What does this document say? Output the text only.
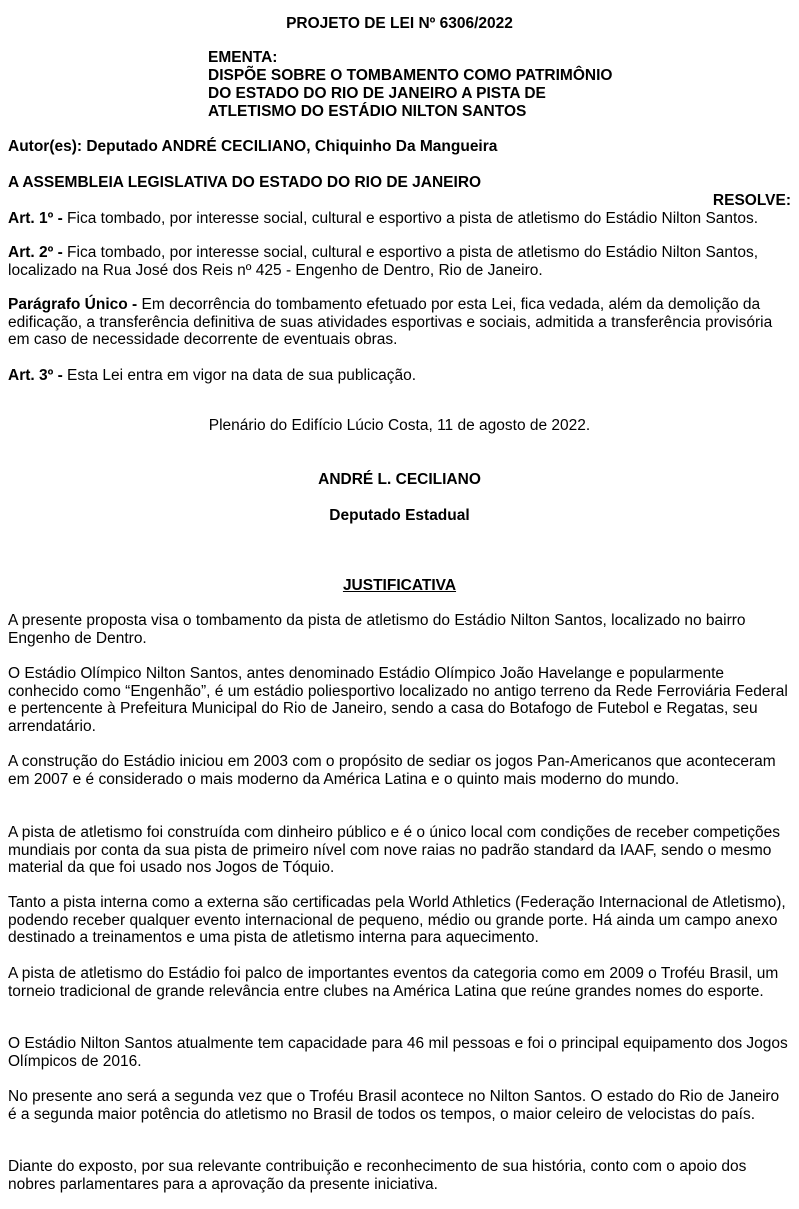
PROJETO DE LEI Nº 6306/2022
EMENTA:
DISPÕE SOBRE O TOMBAMENTO COMO PATRIMÔNIO
DO ESTADO DO RIO DE JANEIRO A PISTA DE
ATLETISMO DO ESTÁDIO NILTON SANTOS
Autor(es): Deputado ANDRÉ CECILIANO, Chiquinho Da Mangueira
A ASSEMBLEIA LEGISLATIVA DO ESTADO DO RIO DE JANEIRO
RESOLVE:

Art. 1º - Fica tombado, por interesse social, cultural e esportivo a pista de atletismo do Estádio Nilton Santos.

Art. 2º - Fica tombado, por interesse social, cultural e esportivo a pista de atletismo do Estádio Nilton Santos, localizado na Rua José dos Reis nº 425 - Engenho de Dentro, Rio de Janeiro.

Parágrafo Único - Em decorrência do tombamento efetuado por esta Lei, fica vedada, além da demolição da edificação, a transferência definitiva de suas atividades esportivas e sociais, admitida a transferência provisória em caso de necessidade decorrente de eventuais obras.

Art. 3º - Esta Lei entra em vigor na data de sua publicação.

Plenário do Edifício Lúcio Costa, 11 de agosto de 2022.
ANDRÉ L. CECILIANO
Deputado Estadual
JUSTIFICATIVA

A presente proposta visa o tombamento da pista de atletismo do Estádio Nilton Santos, localizado no bairro Engenho de Dentro.

O Estádio Olímpico Nilton Santos, antes denominado Estádio Olímpico João Havelange e popularmente conhecido como “Engenhão”, é um estádio poliesportivo localizado no antigo terreno da Rede Ferroviária Federal e pertencente à Prefeitura Municipal do Rio de Janeiro, sendo a casa do Botafogo de Futebol e Regatas, seu arrendatário.

A construção do Estádio iniciou em 2003 com o propósito de sediar os jogos Pan-Americanos que aconteceram em 2007 e é considerado o mais moderno da América Latina e o quinto mais moderno do mundo.

A pista de atletismo foi construída com dinheiro público e é o único local com condições de receber competições mundiais por conta da sua pista de primeiro nível com nove raias no padrão standard da IAAF, sendo o mesmo material da que foi usado nos Jogos de Tóquio.

Tanto a pista interna como a externa são certificadas pela World Athletics (Federação Internacional de Atletismo), podendo receber qualquer evento internacional de pequeno, médio ou grande porte. Há ainda um campo anexo destinado a treinamentos e uma pista de atletismo interna para aquecimento.

A pista de atletismo do Estádio foi palco de importantes eventos da categoria como em 2009 o Troféu Brasil, um torneio tradicional de grande relevância entre clubes na América Latina que reúne grandes nomes do esporte.

O Estádio Nilton Santos atualmente tem capacidade para 46 mil pessoas e foi o principal equipamento dos Jogos Olímpicos de 2016.

No presente ano será a segunda vez que o Troféu Brasil acontece no Nilton Santos. O estado do Rio de Janeiro é a segunda maior potência do atletismo no Brasil de todos os tempos, o maior celeiro de velocistas do país.

Diante do exposto, por sua relevante contribuição e reconhecimento de sua história, conto com o apoio dos nobres parlamentares para a aprovação da presente iniciativa.
